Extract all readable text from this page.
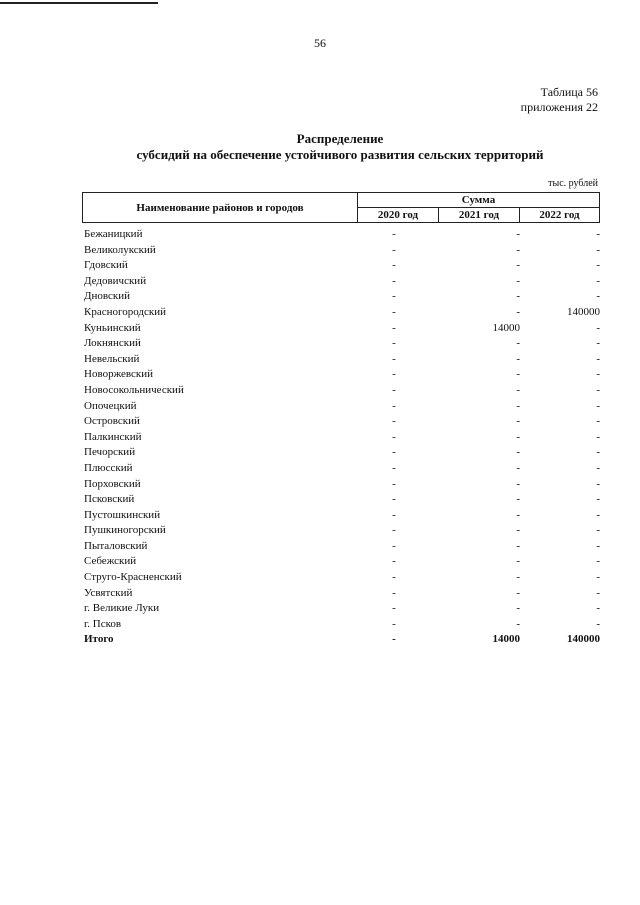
56
Таблица 56
приложения 22
Распределение
субсидий на обеспечение устойчивого развития сельских территорий
тыс. рублей
Наименование районов и городов
Сумма
2020 год	2021 год	2022 год
Бежаницкий	-	-	-
Великолукский	-	-	-
Гдовский	-	-	-
Дедовичский	-	-	-
Дновский	-	-	-
Красногородский	-	-	140000
Куньинский	-	14000	-
Локнянский	-	-	-
Невельский	-	-	-
Новоржевский	-	-	-
Новосокольнический	-	-	-
Опочецкий	-	-	-
Островский	-	-	-
Палкинский	-	-	-
Печорский	-	-	-
Плюсский	-	-	-
Порховский	-	-	-
Псковский	-	-	-
Пустошкинский	-	-	-
Пушкиногорский	-	-	-
Пыталовский	-	-	-
Себежский	-	-	-
Струго-Красненский	-	-	-
Усвятский	-	-	-
г. Великие Луки	-	-	-
г. Псков	-	-	-
Итого	-	14000	140000
